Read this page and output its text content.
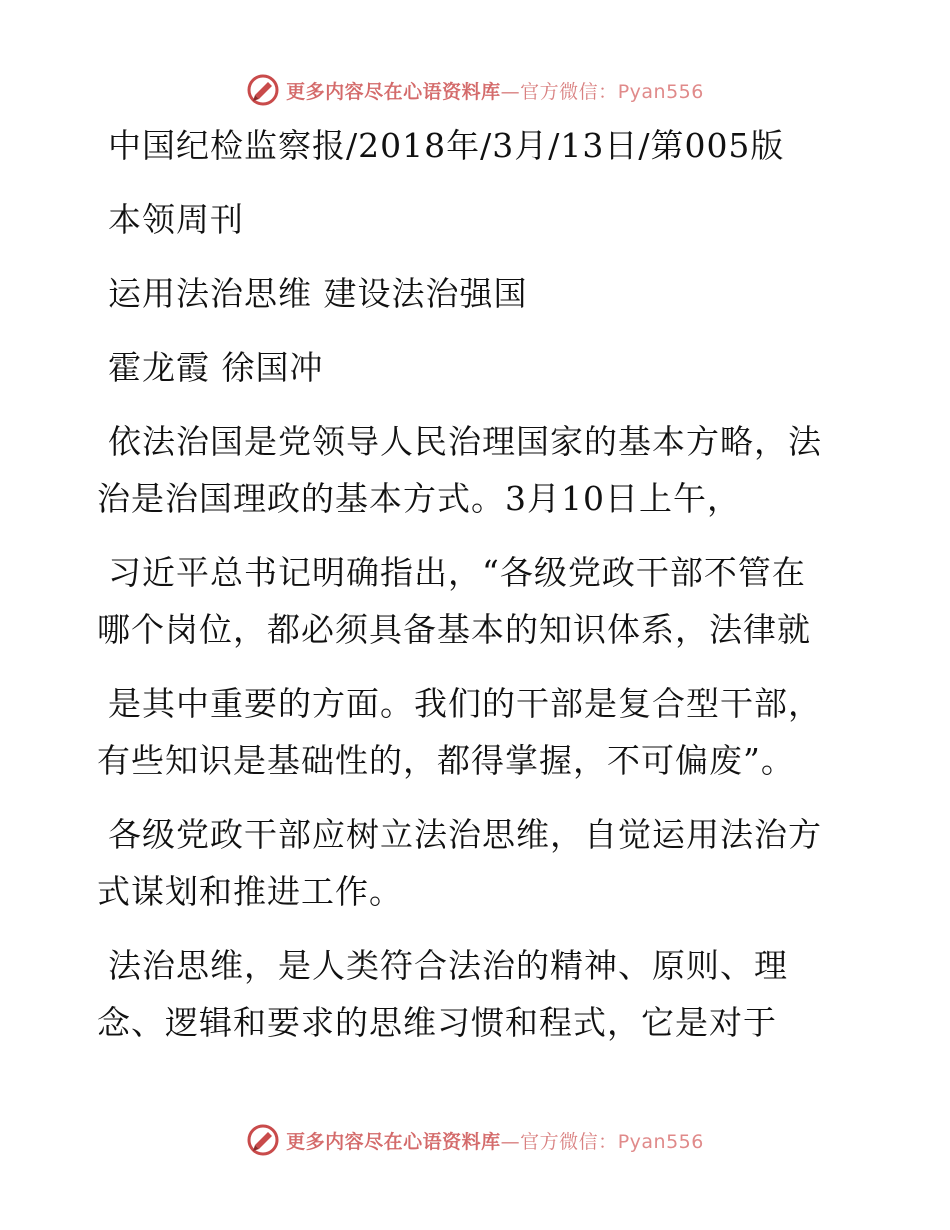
更多内容尽在心语资料库—官方微信：Pyan556
中国纪检监察报/2018年/3月/13日/第005版
本领周刊
运用法治思维 建设法治强国
霍龙霞 徐国冲
依法治国是党领导人民治理国家的基本方略，法
治是治国理政的基本方式。3月10日上午，
习近平总书记明确指出，“各级党政干部不管在
哪个岗位，都必须具备基本的知识体系，法律就
是其中重要的方面。我们的干部是复合型干部，
有些知识是基础性的，都得掌握，不可偏废”。
各级党政干部应树立法治思维，自觉运用法治方
式谋划和推进工作。
法治思维，是人类符合法治的精神、原则、理
念、逻辑和要求的思维习惯和程式，它是对于
更多内容尽在心语资料库—官方微信：Pyan556
